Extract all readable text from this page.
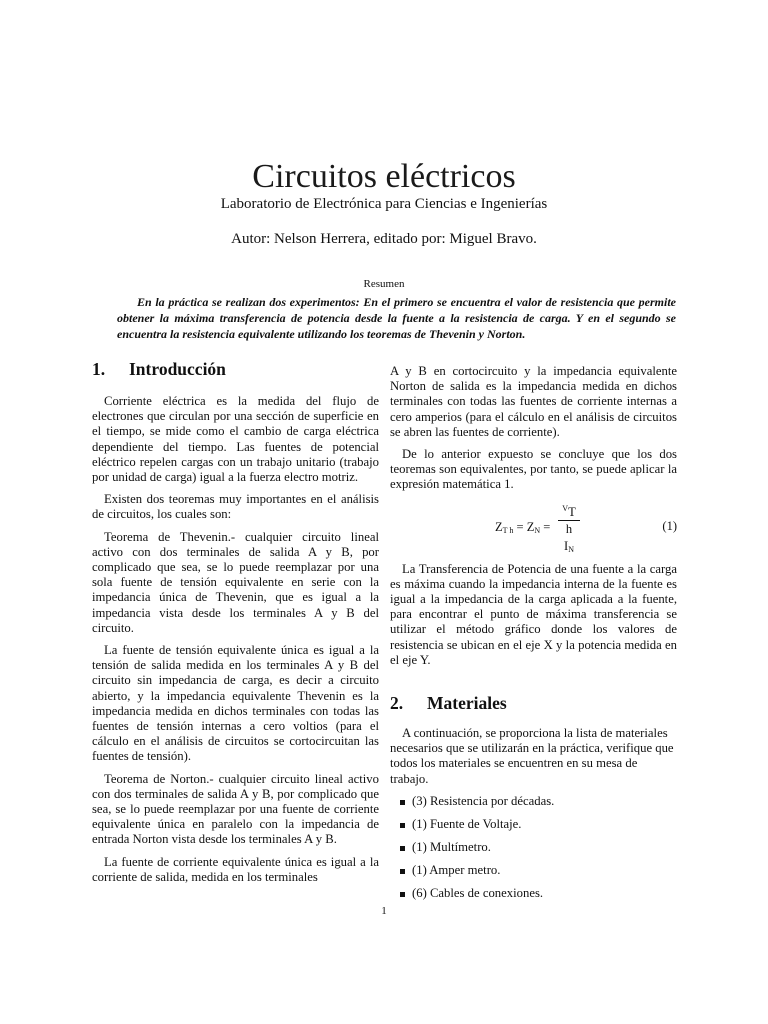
Circuitos eléctricos
Laboratorio de Electrónica para Ciencias e Ingenierías
Autor: Nelson Herrera, editado por: Miguel Bravo.
Resumen
En la práctica se realizan dos experimentos: En el primero se encuentra el valor de resistencia que permite obtener la máxima transferencia de potencia desde la fuente a la resistencia de carga. Y en el segundo se encuentra la resistencia equivalente utilizando los teoremas de Thevenin y Norton.
1. Introducción

Corriente eléctrica es la medida del flujo de electrones que circulan por una sección de superficie en el tiempo, se mide como el cambio de carga eléctrica dependiente del tiempo. Las fuentes de potencial eléctrico repelen cargas con un trabajo unitario (trabajo por unidad de carga) igual a la fuerza electro motriz.

Existen dos teoremas muy importantes en el análisis de circuitos, los cuales son:

Teorema de Thevenin.- cualquier circuito lineal activo con dos terminales de salida A y B, por complicado que sea, se lo puede reemplazar por una sola fuente de tensión equivalente en serie con la impedancia única de Thevenin, que es igual a la impedancia vista desde los terminales A y B del circuito.

La fuente de tensión equivalente única es igual a la tensión de salida medida en los terminales A y B del circuito sin impedancia de carga, es decir a circuito abierto, y la impedancia equivalente Thevenin es la impedancia medida en dichos terminales con todas las fuentes de tensión internas a cero voltios (para el cálculo en el análisis de circuitos se cortocircuitan las fuentes de tensión).

Teorema de Norton.- cualquier circuito lineal activo con dos terminales de salida A y B, por complicado que sea, se lo puede reemplazar por una fuente de corriente equivalente única en paralelo con la impedancia de entrada Norton vista desde los terminales A y B.

La fuente de corriente equivalente única es igual a la corriente de salida, medida en los terminales

A y B en cortocircuito y la impedancia equivalente Norton de salida es la impedancia medida en dichos terminales con todas las fuentes de corriente internas a cero amperios (para el cálculo en el análisis de circuitos se abren las fuentes de corriente).

De lo anterior expuesto se concluye que los dos teoremas son equivalentes, por tanto, se puede aplicar la expresión matemática 1.

$Z_{T h} = Z_N$ =
$^V$T h
$I_N$
(1)

La Transferencia de Potencia de una fuente a la carga es máxima cuando la impedancia interna de la fuente es igual a la impedancia de la carga aplicada a la fuente, para encontrar el punto de máxima transferencia se utilizar el método gráfico donde los valores de resistencia se ubican en el eje X y la potencia medida en el eje Y.

2. Materiales

A continuación, se proporciona la lista de materiales necesarios que se utilizarán en la práctica, verifique que todos los materiales se encuentren en su mesa de trabajo.

(3) Resistencia por décadas.
(1) Fuente de Voltaje.
(1) Multímetro.
(1) Amper metro.
(6) Cables de conexiones.
1
